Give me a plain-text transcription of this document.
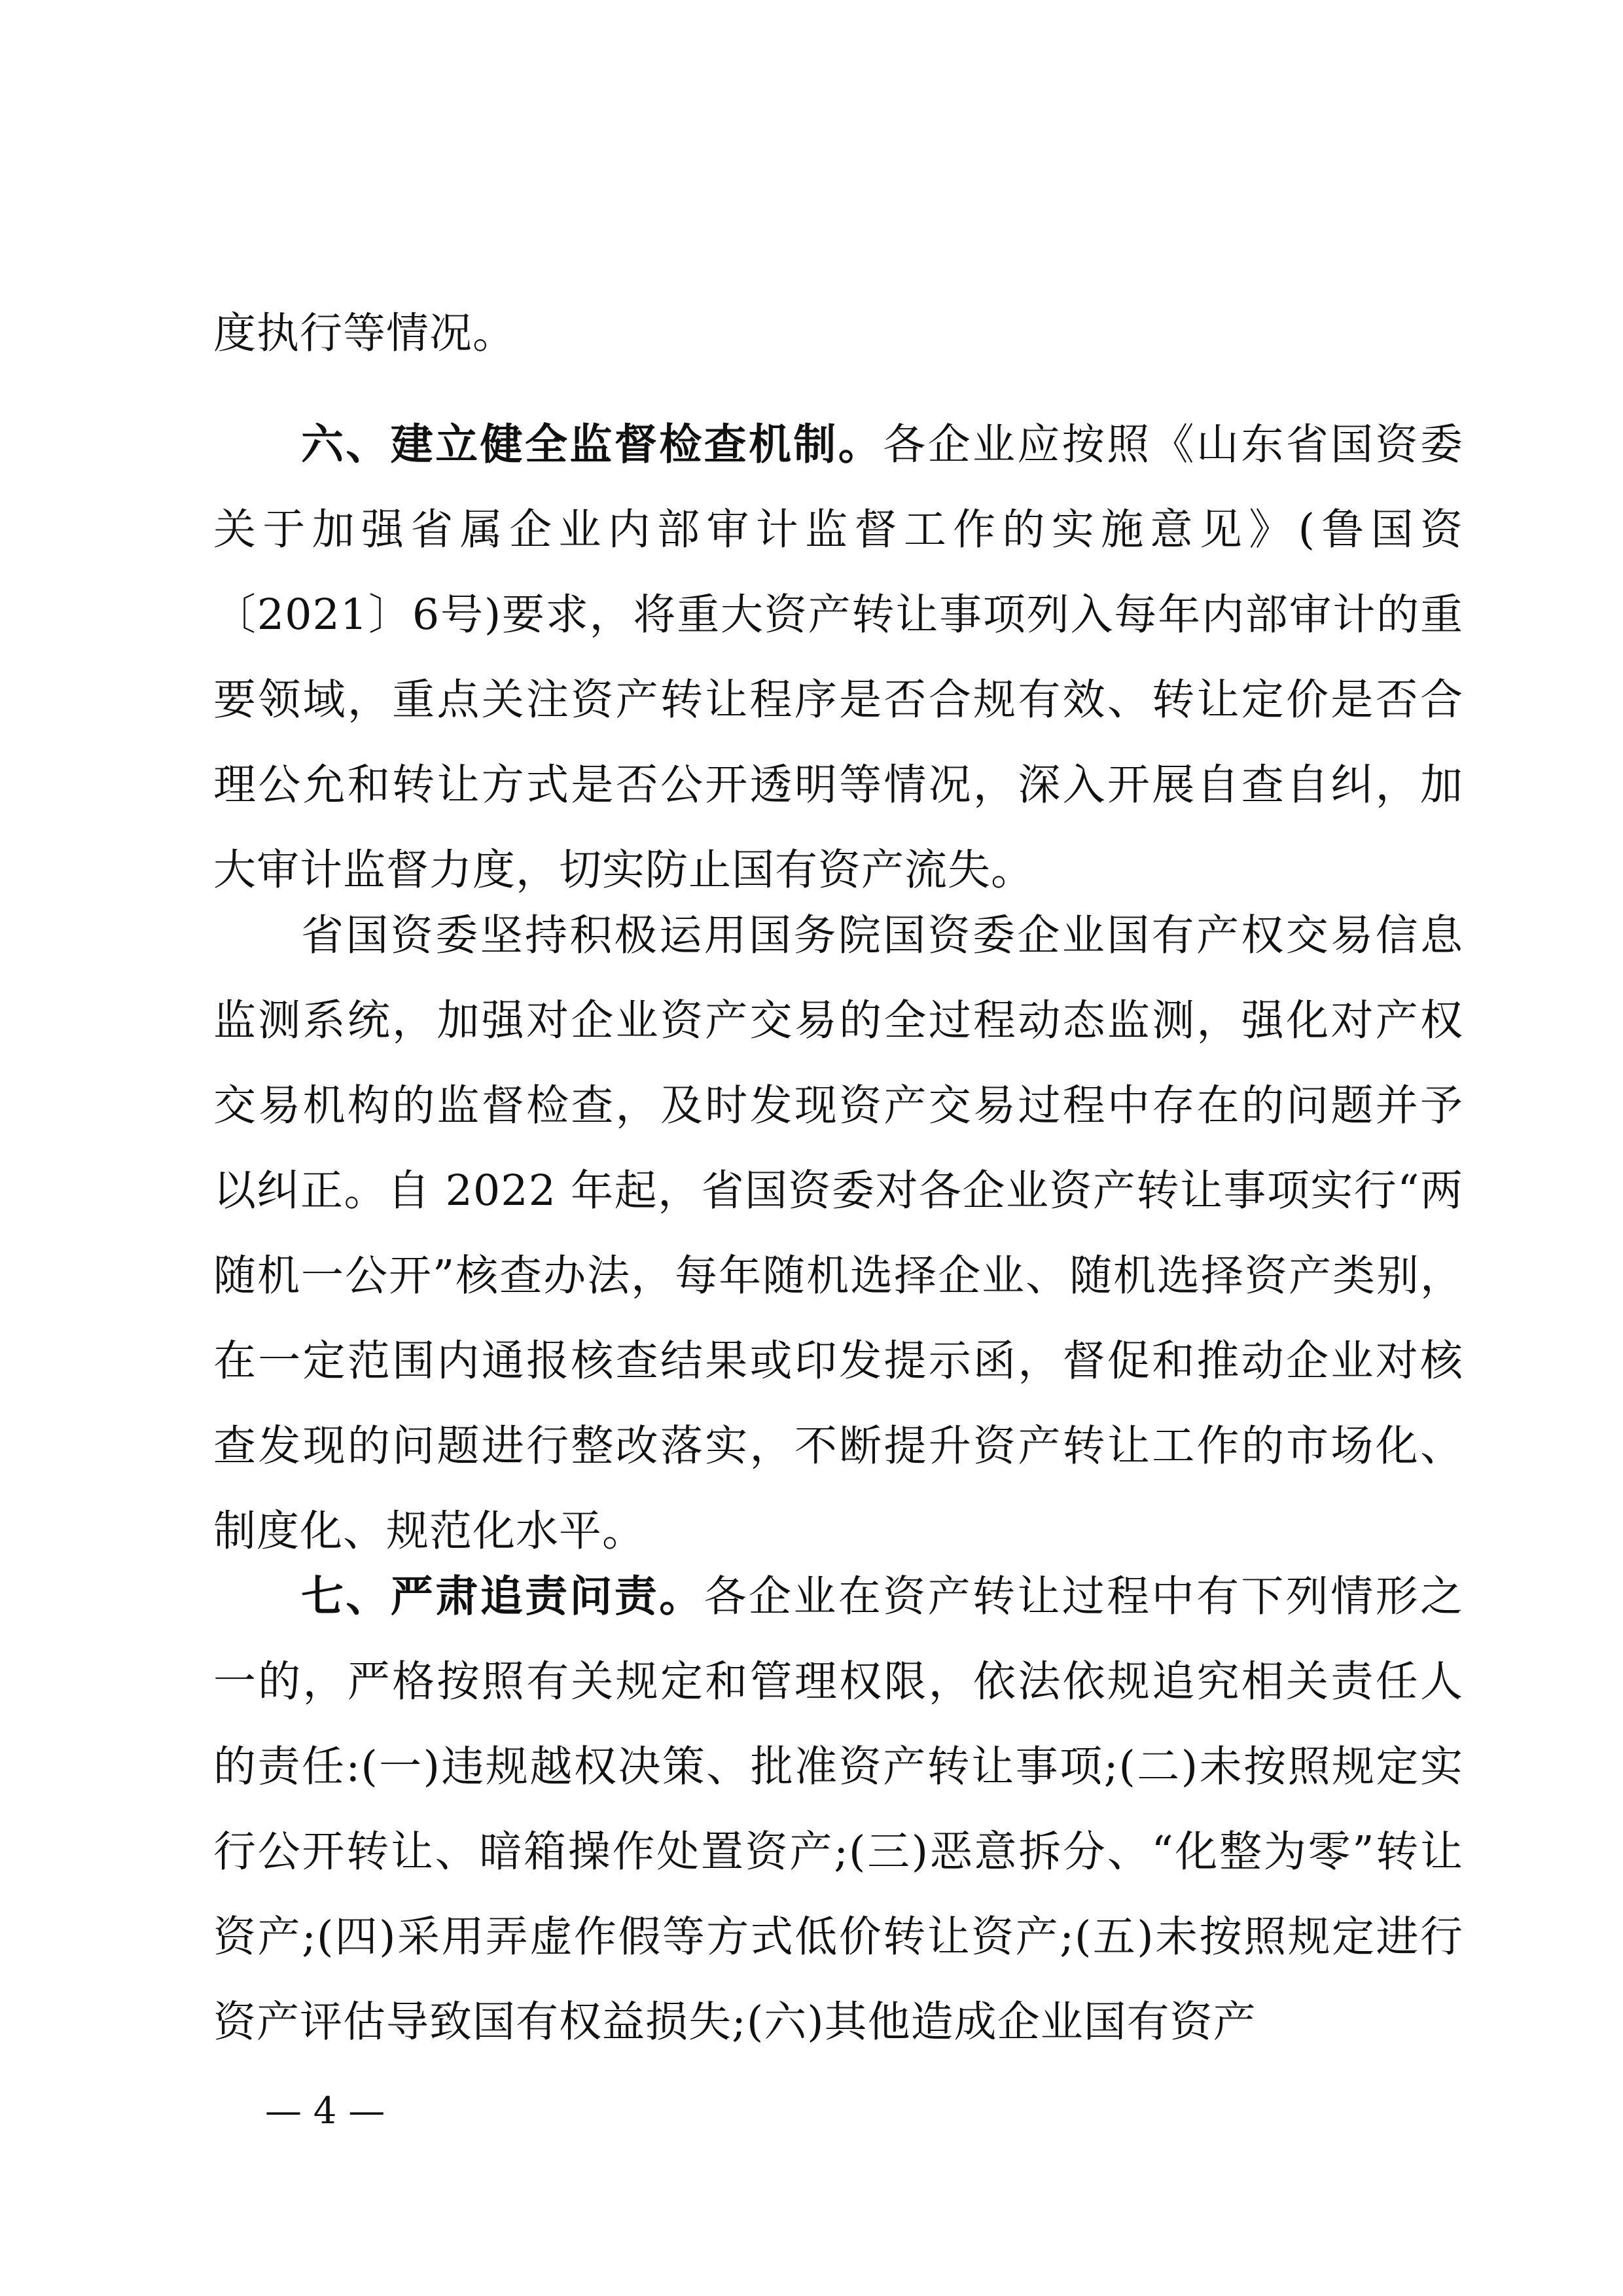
度执行等情况。

六、建立健全监督检查机制。各企业应按照《山东省国资委关于加强省属企业内部审计监督工作的实施意见》(鲁国资〔2021〕6号)要求，将重大资产转让事项列入每年内部审计的重要领域，重点关注资产转让程序是否合规有效、转让定价是否合理公允和转让方式是否公开透明等情况，深入开展自查自纠，加大审计监督力度，切实防止国有资产流失。

省国资委坚持积极运用国务院国资委企业国有产权交易信息监测系统，加强对企业资产交易的全过程动态监测，强化对产权交易机构的监督检查，及时发现资产交易过程中存在的问题并予以纠正。自 2022 年起，省国资委对各企业资产转让事项实行“两随机一公开”核查办法，每年随机选择企业、随机选择资产类别，在一定范围内通报核查结果或印发提示函，督促和推动企业对核查发现的问题进行整改落实，不断提升资产转让工作的市场化、制度化、规范化水平。

七、严肃追责问责。各企业在资产转让过程中有下列情形之一的，严格按照有关规定和管理权限，依法依规追究相关责任人的责任:(一)违规越权决策、批准资产转让事项;(二)未按照规定实行公开转让、暗箱操作处置资产;(三)恶意拆分、“化整为零”转让资产;(四)采用弄虚作假等方式低价转让资产;(五)未按照规定进行资产评估导致国有权益损失;(六)其他造成企业国有资产

— 4 —
